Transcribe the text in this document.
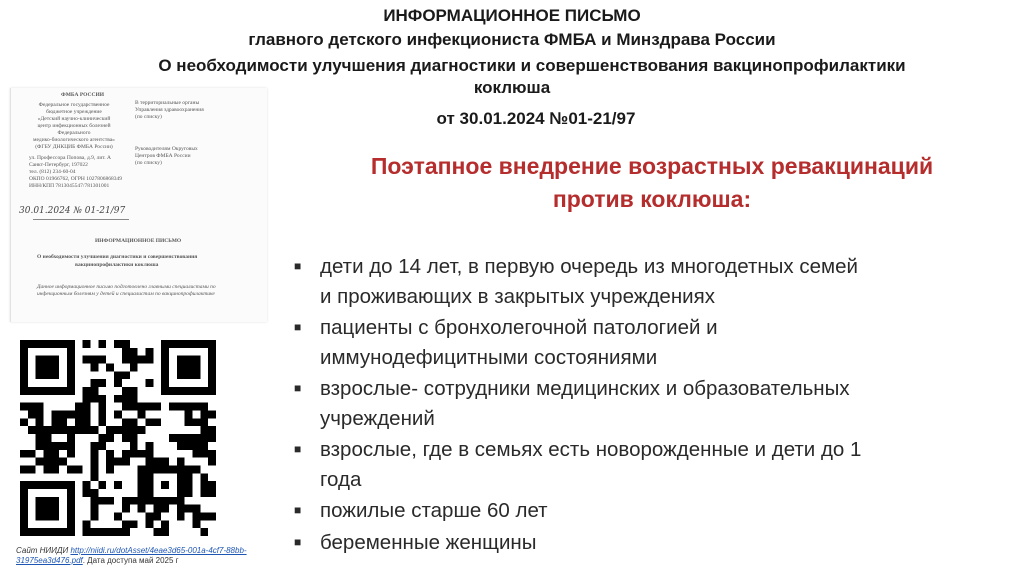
ИНФОРМАЦИОННОЕ ПИСЬМО
главного детского инфекциониста ФМБА и Минздрава России
О необходимости улучшения диагностики и совершенствования вакцинопрофилактики
коклюша
от 30.01.2024 №01-21/97
ФМБА РОССИИ
Федеральное государственное
бюджетное учреждение
«Детский научно-клинический
центр инфекционных болезней
Федерального
медико-биологического агентства»
(ФГБУ ДНКЦИБ ФМБА России)
ул. Профессора Попова, д.9, лит. А
Санкт-Петербург, 197022
тел. (812) 234-60-04
ОКПО 01966762, ОГРН 1027806868349
ИНН/КПП 7813045547/781301001
В территориальные органы
Управления здравоохранения
(по списку)
Руководителям Округовых
Центров ФМБА России
(по списку)
30.01.2024 № 01-21/97
ИНФОРМАЦИОННОЕ ПИСЬМО
О необходимости улучшения диагностики и совершенствования
вакцинопрофилактики коклюша
Данное информационное письмо подготовлено главными специалистами по
инфекционным болезням у детей и специалистам по вакцинопрофилактике
Сайт НИИДИ http://niidi.ru/dotAsset/4eae3d65-001a-4cf7-88bb-31975ea3d476.pdf. Дата доступа май 2025 г
Поэтапное внедрение возрастных ревакцинаций
против коклюша:
■ дети до 14 лет, в первую очередь из многодетных семей
и проживающих в закрытых учреждениях
■ пациенты с бронхолегочной патологией и
иммунодефицитными состояниями
■ взрослые- сотрудники медицинских и образовательных
учреждений
■ взрослые, где в семьях есть новорожденные и дети до 1
года
■ пожилые старше 60 лет
■ беременные женщины
